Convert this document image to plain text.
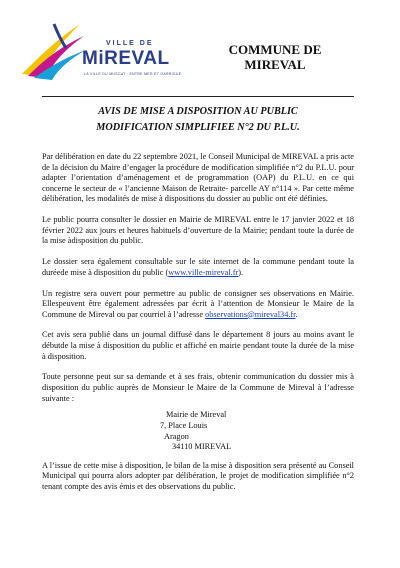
VILLE DE
MiREVAL
LA VILLE DU MUSCAT · ENTRE MER ET GARRIGUE
COMMUNE DE
MIREVAL
AVIS DE MISE A DISPOSITION AU PUBLIC
MODIFICATION SIMPLIFIEE N°2 DU P.L.U.

Par délibération en date du 22 septembre 2021, le Conseil Municipal de MIREVAL a pris acte de la décision du Maire d’engager la procédure de modification simplifiée n°2 du P.L.U. pour adapter l’orientation d’aménagement et de programmation (OAP) du P.L.U. en ce qui concerne le secteur de « l’ancienne Maison de Retraite- parcelle AY n°114 ». Par cette même délibération, les modalités de mise à dispositions du dossier au public ont été définies.

Le public pourra consulter le dossier en Mairie de MIREVAL entre le 17 janvier 2022 et 18 février 2022 aux jours et heures habituels d’ouverture de la Mairie; pendant toute la durée de la mise àdisposition du public.

Le dossier sera également consultable sur le site internet de la commune pendant toute la duréede mise à disposition du public (www.ville-mireval.fr).

Un registre sera ouvert pour permettre au public de consigner ses observations en Mairie. Ellespeuvent être également adressées par écrit à l’attention de Monsieur le Maire de la Commune de Mireval ou par courriel à l’adresse observations@mireval34.fr.

Cet avis sera publié dans un journal diffusé dans le département 8 jours au moins avant le débutde la mise à disposition du public et affiché en mairie pendant toute la durée de la mise à disposition.

Toute personne peut sur sa demande et à ses frais, obtenir communication du dossier mis à disposition du public auprès de Monsieur le Maire de la Commune de Mireval à l’adresse suivante :

Mairie de Mireval
7, Place Louis
Aragon
34110 MIREVAL

A l’issue de cette mise à disposition, le bilan de la mise à disposition sera présenté au Conseil Municipal qui pourra alors adopter par délibération, le projet de modification simplifiée n°2 tenant compte des avis émis et des observations du public.
